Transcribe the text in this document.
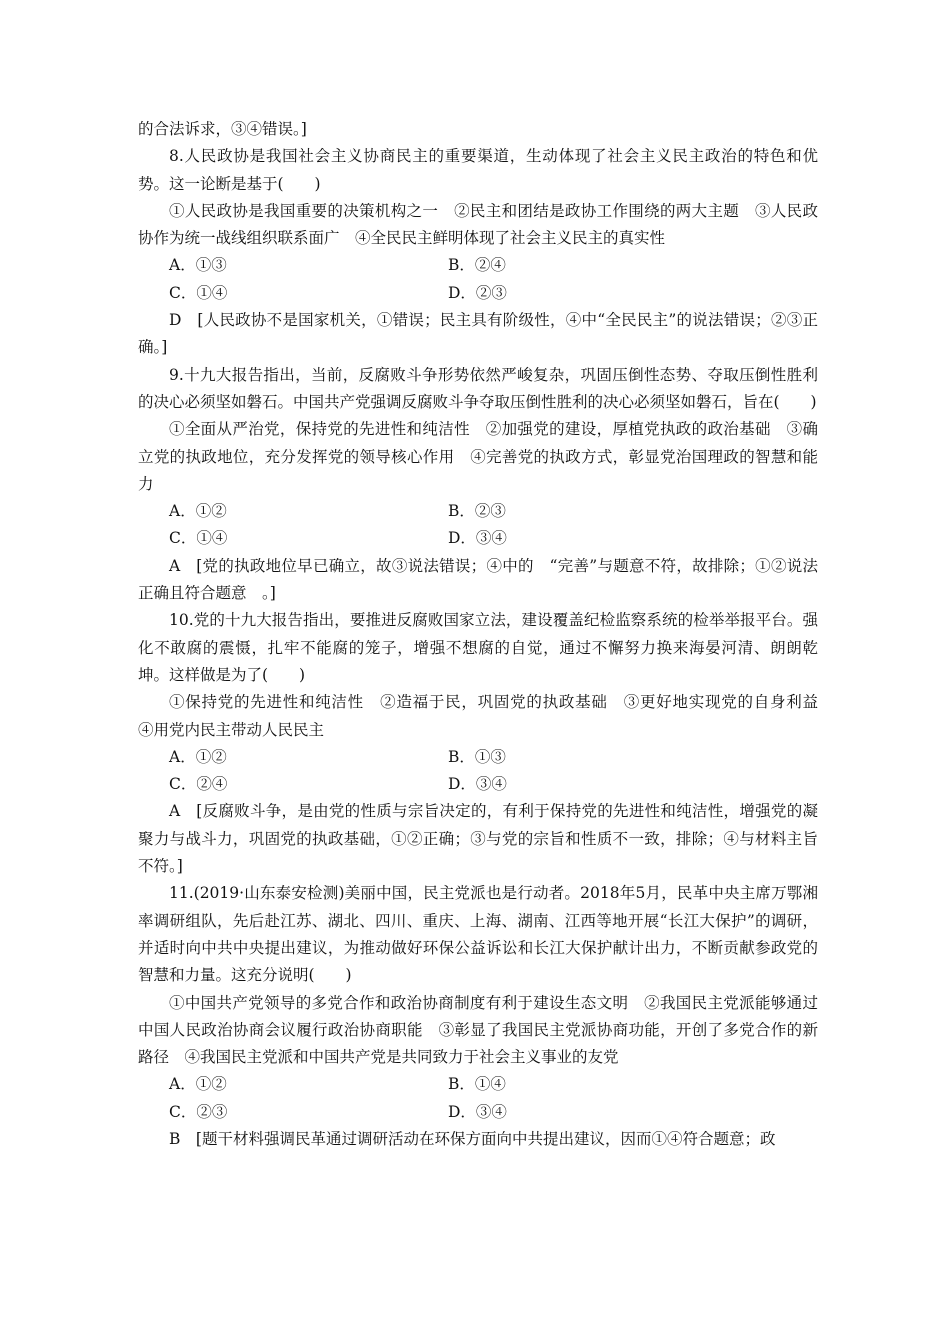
的合法诉求，③④错误。]

8.人民政协是我国社会主义协商民主的重要渠道，生动体现了社会主义民主政治的特色和优势。这一论断是基于(　　)

①人民政协是我国重要的决策机构之一　②民主和团结是政协工作围绕的两大主题　③人民政协作为统一战线组织联系面广　④全民民主鲜明体现了社会主义民主的真实性

A．①③	B．②④
C．①④	D．②③

D　[人民政协不是国家机关，①错误；民主具有阶级性，④中“全民民主”的说法错误；②③正确。]

9.十九大报告指出，当前，反腐败斗争形势依然严峻复杂，巩固压倒性态势、夺取压倒性胜利的决心必须坚如磐石。中国共产党强调反腐败斗争夺取压倒性胜利的决心必须坚如磐石，旨在(　　)

①全面从严治党，保持党的先进性和纯洁性　②加强党的建设，厚植党执政的政治基础　③确立党的执政地位，充分发挥党的领导核心作用　④完善党的执政方式，彰显党治国理政的智慧和能力

A．①②	B．②③
C．①④	D．③④

A　[党的执政地位早已确立，故③说法错误；④中的　“完善”与题意不符，故排除；①②说法正确且符合题意　。]

10.党的十九大报告指出，要推进反腐败国家立法，建设覆盖纪检监察系统的检举举报平台。强化不敢腐的震慑，扎牢不能腐的笼子，增强不想腐的自觉，通过不懈努力换来海晏河清、朗朗乾坤。这样做是为了(　　)

①保持党的先进性和纯洁性　②造福于民，巩固党的执政基础　③更好地实现党的自身利益　④用党内民主带动人民民主

A．①②	B．①③
C．②④	D．③④

A　[反腐败斗争，是由党的性质与宗旨决定的，有利于保持党的先进性和纯洁性，增强党的凝聚力与战斗力，巩固党的执政基础，①②正确；③与党的宗旨和性质不一致，排除；④与材料主旨不符。]

11.(2019·山东泰安检测)美丽中国，民主党派也是行动者。2018年5月，民革中央主席万鄂湘率调研组队，先后赴江苏、湖北、四川、重庆、上海、湖南、江西等地开展“长江大保护”的调研，并适时向中共中央提出建议，为推动做好环保公益诉讼和长江大保护献计出力，不断贡献参政党的智慧和力量。这充分说明(　　)

①中国共产党领导的多党合作和政治协商制度有利于建设生态文明　②我国民主党派能够通过中国人民政治协商会议履行政治协商职能　③彰显了我国民主党派协商功能，开创了多党合作的新路径　④我国民主党派和中国共产党是共同致力于社会主义事业的友党

A．①②	B．①④
C．②③	D．③④

B　[题干材料强调民革通过调研活动在环保方面向中共提出建议，因而①④符合题意；政
